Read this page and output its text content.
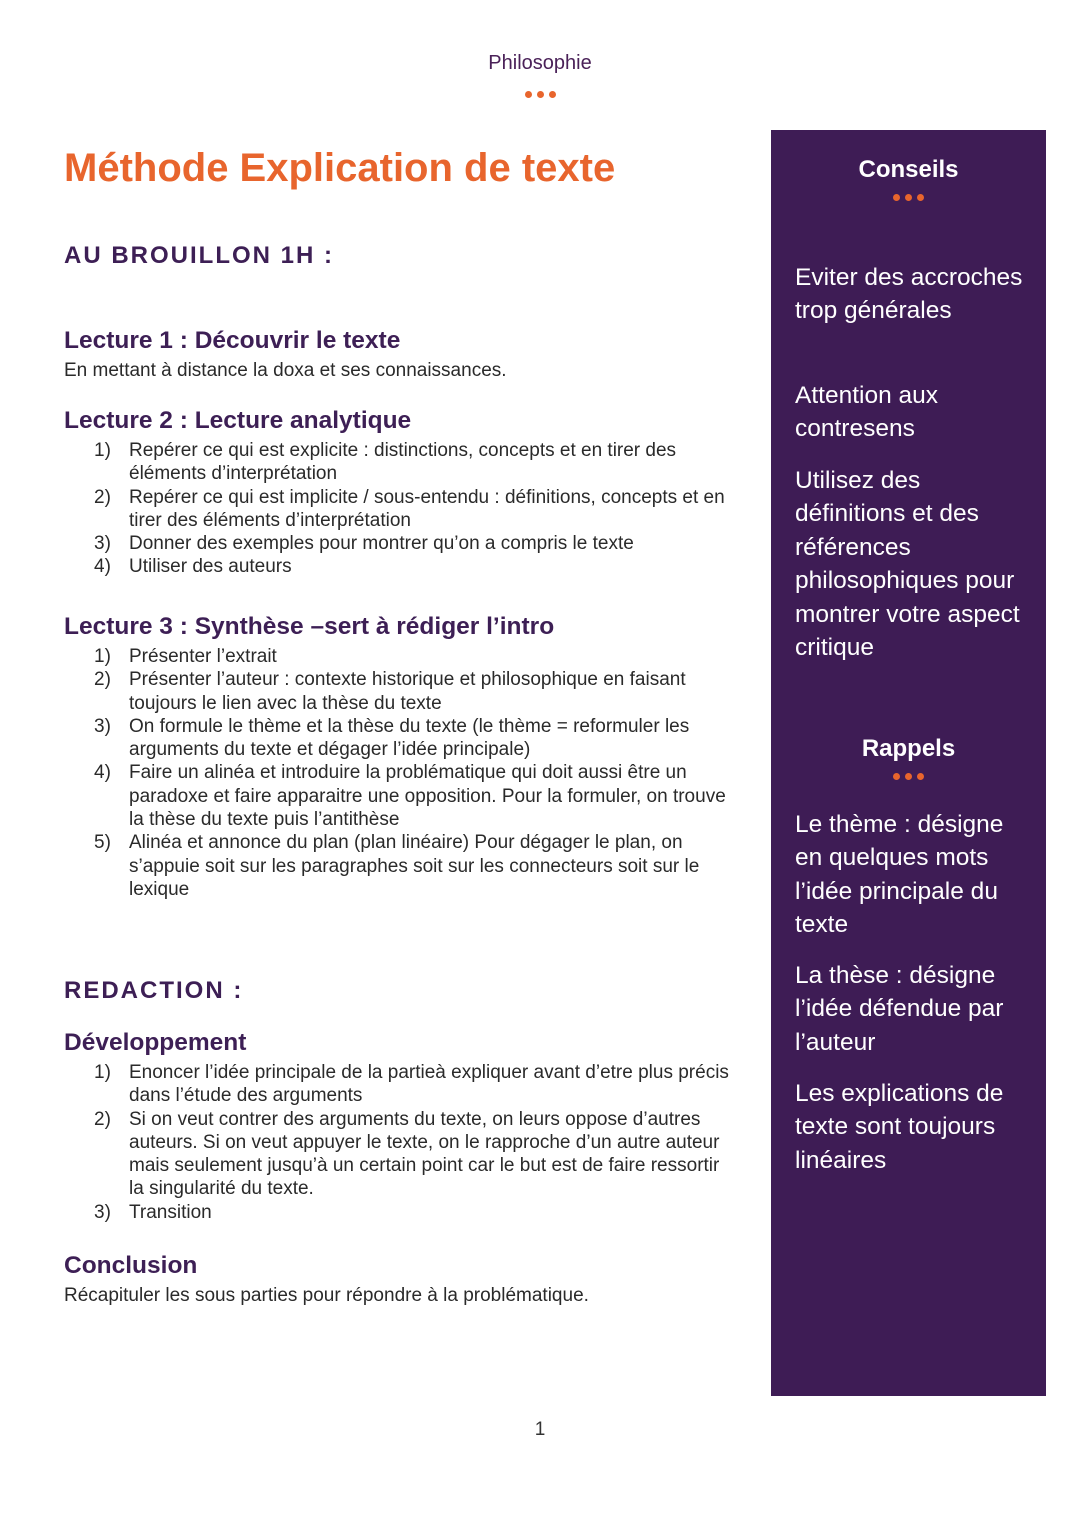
Philosophie
Méthode Explication de texte
AU BROUILLON 1H :
Lecture 1 : Découvrir le texte

En mettant à distance la doxa et ses connaissances.

Lecture 2 : Lecture analytique
1) Repérer ce qui est explicite : distinctions, concepts et en tirer des éléments d’interprétation
2) Repérer ce qui est implicite / sous-entendu : définitions, concepts et en tirer des éléments d’interprétation
3) Donner des exemples pour montrer qu’on a compris le texte
4) Utiliser des auteurs
Lecture 3 : Synthèse –sert à rédiger l’intro
1) Présenter l’extrait
2) Présenter l’auteur : contexte historique et philosophique en faisant toujours le lien avec la thèse du texte
3) On formule le thème et la thèse du texte (le thème = reformuler les arguments du texte et dégager l’idée principale)
4) Faire un alinéa et introduire la problématique qui doit aussi être un paradoxe et faire apparaitre une opposition. Pour la formuler, on trouve la thèse du texte puis l’antithèse
5) Alinéa et annonce du plan (plan linéaire) Pour dégager le plan, on s’appuie soit sur les paragraphes soit sur les connecteurs soit sur le lexique
REDACTION :
Développement
1) Enoncer l’idée principale de la partieà expliquer avant d’etre plus précis dans l’étude des arguments
2) Si on veut contrer des arguments du texte, on leurs oppose d’autres auteurs. Si on veut appuyer le texte, on le rapproche d’un autre auteur mais seulement jusqu’à un certain point car le but est de faire ressortir la singularité du texte.
3) Transition
Conclusion

Récapituler les sous parties pour répondre à la problématique.

Conseils

Eviter des accroches trop générales

Attention aux contresens

Utilisez des définitions et des références philosophiques pour montrer votre aspect critique

Rappels

Le thème : désigne en quelques mots l’idée principale du texte

La thèse : désigne l’idée défendue par l’auteur

Les explications de texte sont toujours linéaires

1
